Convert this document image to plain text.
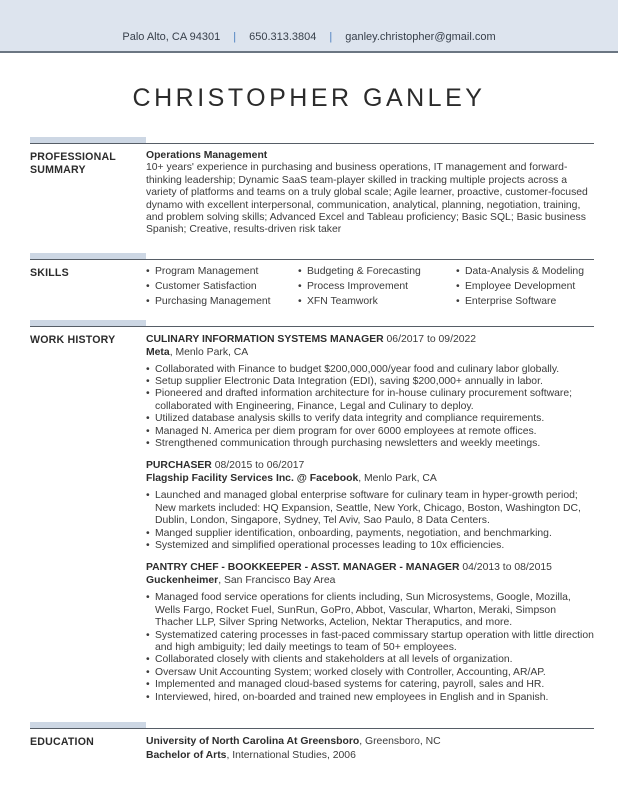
Palo Alto, CA 94301 | 650.313.3804 | ganley.christopher@gmail.com
CHRISTOPHER GANLEY
PROFESSIONAL SUMMARY
Operations Management
10+ years' experience in purchasing and business operations, IT management and forward-thinking leadership; Dynamic SaaS team-player skilled in tracking multiple projects across a variety of platforms and teams on a truly global scale; Agile learner, proactive, customer-focused dynamo with excellent interpersonal, communication, analytical, planning, negotiation, training, and problem solving skills; Advanced Excel and Tableau proficiency; Basic SQL; Basic business Spanish; Creative, results-driven risk taker
SKILLS	• Program Management
• Customer Satisfaction
• Purchasing Management
• Budgeting & Forecasting
• Process Improvement
• XFN Teamwork
• Data-Analysis & Modeling
• Employee Development
• Enterprise Software
WORK HISTORY	CULINARY INFORMATION SYSTEMS MANAGER 06/2017 to 09/2022
Meta, Menlo Park, CA
• Collaborated with Finance to budget $200,000,000/year food and culinary labor globally.
• Setup supplier Electronic Data Integration (EDI), saving $200,000+ annually in labor.
• Pioneered and drafted information architecture for in-house culinary procurement software; collaborated with Engineering, Finance, Legal and Culinary to deploy.
• Utilized database analysis skills to verify data integrity and compliance requirements.
• Managed N. America per diem program for over 6000 employees at remote offices.
• Strengthened communication through purchasing newsletters and weekly meetings.
PURCHASER 08/2015 to 06/2017
Flagship Facility Services Inc. @ Facebook, Menlo Park, CA
• Launched and managed global enterprise software for culinary team in hyper-growth period; New markets included: HQ Expansion, Seattle, New York, Chicago, Boston, Washington DC, Dublin, London, Singapore, Sydney, Tel Aviv, Sao Paulo, 8 Data Centers.
• Manged supplier identification, onboarding, payments, negotiation, and benchmarking.
• Systemized and simplified operational processes leading to 10x efficiencies.
PANTRY CHEF - BOOKKEEPER - ASST. MANAGER - MANAGER 04/2013 to 08/2015
Guckenheimer, San Francisco Bay Area
• Managed food service operations for clients including, Sun Microsystems, Google, Mozilla, Wells Fargo, Rocket Fuel, SunRun, GoPro, Abbot, Vascular, Wharton, Meraki, Simpson Thacher LLP, Silver Spring Networks, Actelion, Nektar Theraputics, and more.
• Systematized catering processes in fast-paced commissary startup operation with little direction and high ambiguity; led daily meetings to team of 50+ employees.
• Collaborated closely with clients and stakeholders at all levels of organization.
• Oversaw Unit Accounting System; worked closely with Controller, Accounting, AR/AP.
• Implemented and managed cloud-based systems for catering, payroll, sales and HR.
• Interviewed, hired, on-boarded and trained new employees in English and in Spanish.
EDUCATION	University of North Carolina At Greensboro, Greensboro, NC
Bachelor of Arts, International Studies, 2006
